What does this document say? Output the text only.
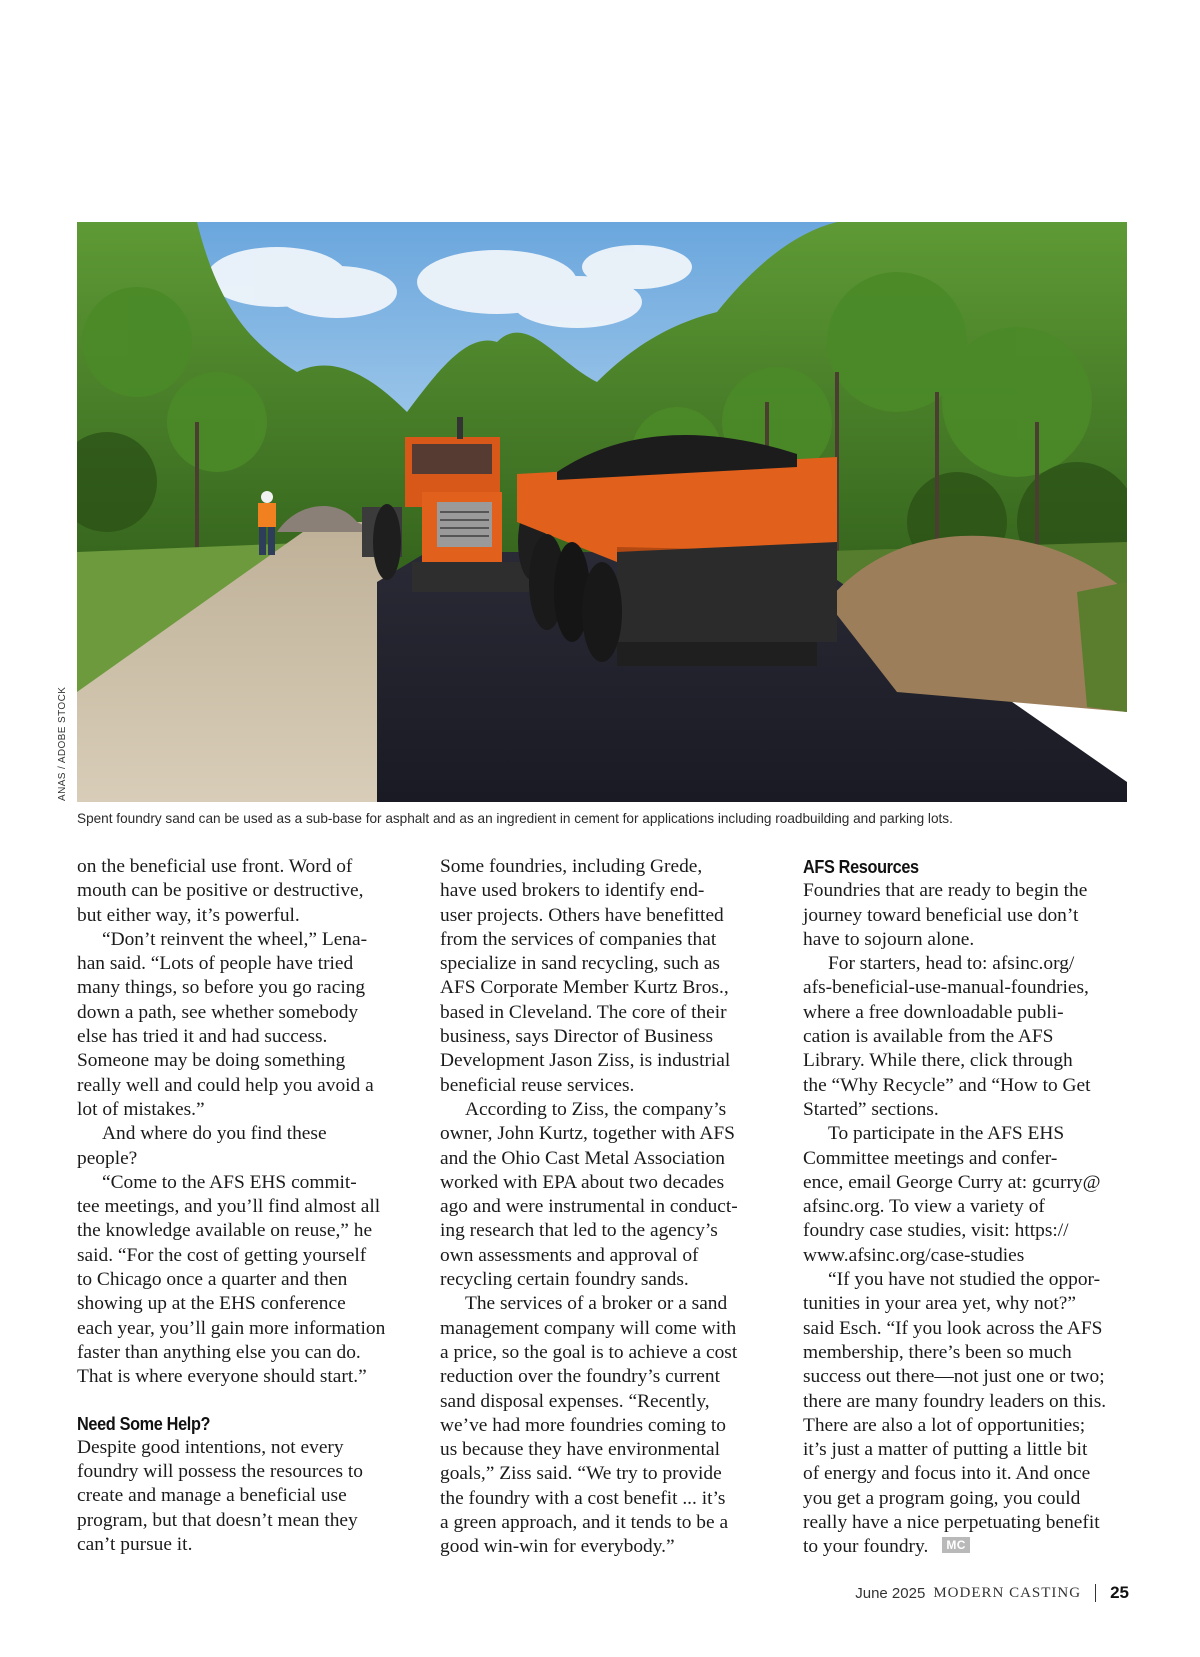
ANAS / ADOBE STOCK
Spent foundry sand can be used as a sub-base for asphalt and as an ingredient in cement for applications including roadbuilding and parking lots.
on the beneficial use front. Word of
mouth can be positive or destructive,
but either way, it’s powerful.
“Don’t reinvent the wheel,” Lena-
han said. “Lots of people have tried
many things, so before you go racing
down a path, see whether somebody
else has tried it and had success.
Someone may be doing something
really well and could help you avoid a
lot of mistakes.”
And where do you find these
people?
“Come to the AFS EHS commit-
tee meetings, and you’ll find almost all
the knowledge available on reuse,” he
said. “For the cost of getting yourself
to Chicago once a quarter and then
showing up at the EHS conference
each year, you’ll gain more information
faster than anything else you can do.
That is where everyone should start.”
Need Some Help?
Despite good intentions, not every
foundry will possess the resources to
create and manage a beneficial use
program, but that doesn’t mean they
can’t pursue it.
Some foundries, including Grede,
have used brokers to identify end-
user projects. Others have benefitted
from the services of companies that
specialize in sand recycling, such as
AFS Corporate Member Kurtz Bros.,
based in Cleveland. The core of their
business, says Director of Business
Development Jason Ziss, is industrial
beneficial reuse services.
According to Ziss, the company’s
owner, John Kurtz, together with AFS
and the Ohio Cast Metal Association
worked with EPA about two decades
ago and were instrumental in conduct-
ing research that led to the agency’s
own assessments and approval of
recycling certain foundry sands.
The services of a broker or a sand
management company will come with
a price, so the goal is to achieve a cost
reduction over the foundry’s current
sand disposal expenses. “Recently,
we’ve had more foundries coming to
us because they have environmental
goals,” Ziss said. “We try to provide
the foundry with a cost benefit ... it’s
a green approach, and it tends to be a
good win-win for everybody.”
AFS Resources
Foundries that are ready to begin the
journey toward beneficial use don’t
have to sojourn alone.
For starters, head to: afsinc.org/
afs-beneficial-use-manual-foundries,
where a free downloadable publi-
cation is available from the AFS
Library. While there, click through
the “Why Recycle” and “How to Get
Started” sections.
To participate in the AFS EHS
Committee meetings and confer-
ence, email George Curry at: gcurry@
afsinc.org. To view a variety of
foundry case studies, visit: https://
www.afsinc.org/case-studies
“If you have not studied the oppor-
tunities in your area yet, why not?”
said Esch. “If you look across the AFS
membership, there’s been so much
success out there—not just one or two;
there are many foundry leaders on this.
There are also a lot of opportunities;
it’s just a matter of putting a little bit
of energy and focus into it. And once
you get a program going, you could
really have a nice perpetuating benefit
to your foundry. MC
June 2025 MODERN CASTING 25
